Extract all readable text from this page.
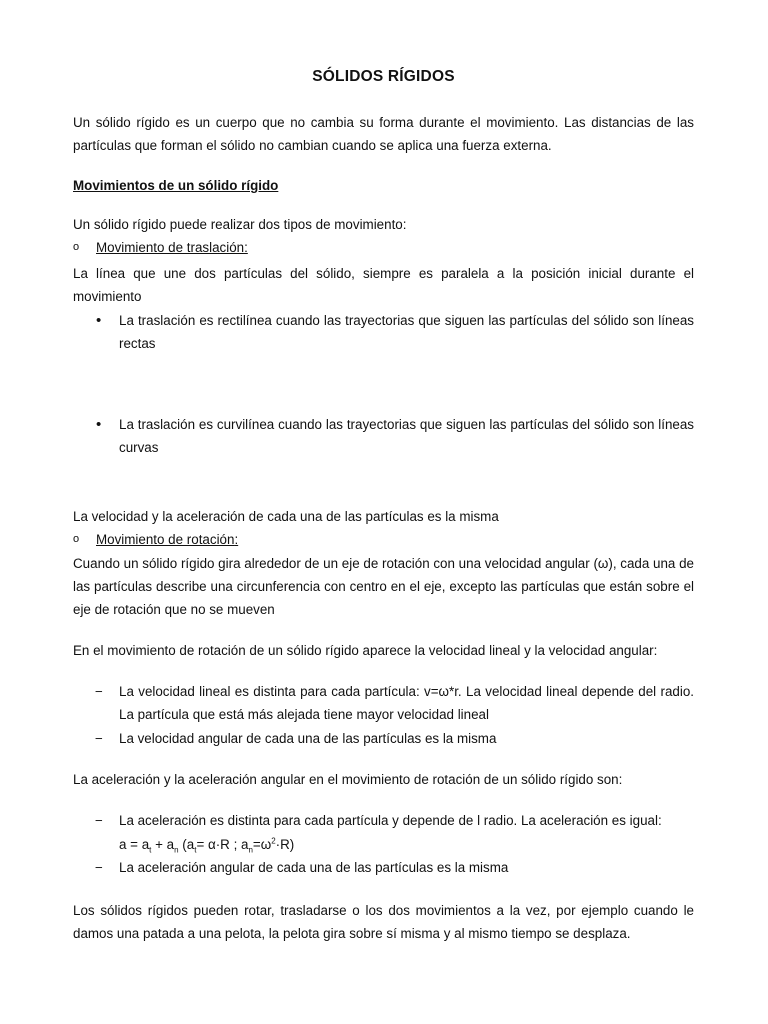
SÓLIDOS RÍGIDOS
Un sólido rígido es un cuerpo que no cambia su forma durante el movimiento. Las distancias de las partículas que forman el sólido no cambian cuando se aplica una fuerza externa.
Movimientos de un sólido rígido
Un sólido rígido puede realizar dos tipos de movimiento:
o Movimiento de traslación:
La línea que une dos partículas del sólido, siempre es paralela a la posición inicial durante el movimiento
• La traslación es rectilínea cuando las trayectorias que siguen las partículas del sólido son líneas rectas
• La traslación es curvilínea cuando las trayectorias que siguen las partículas del sólido son líneas curvas
La velocidad y la aceleración de cada una de las partículas es la misma
o Movimiento de rotación:
Cuando un sólido rígido gira alrededor de un eje de rotación con una velocidad angular (ω), cada una de las partículas describe una circunferencia con centro en el eje, excepto las partículas que están sobre el eje de rotación que no se mueven
En el movimiento de rotación de un sólido rígido aparece la velocidad lineal y la velocidad angular:
− La velocidad lineal es distinta para cada partícula: v=ω*r. La velocidad lineal depende del radio. La partícula que está más alejada tiene mayor velocidad lineal
− La velocidad angular de cada una de las partículas es la misma
La aceleración y la aceleración angular en el movimiento de rotación de un sólido rígido son:
− La aceleración es distinta para cada partícula y depende de l radio. La aceleración es igual:
$a = a_t + a_n$ ($a_t= \alpha\cdot R$ ; $a_n=\omega^2\cdot R$)
− La aceleración angular de cada una de las partículas es la misma
Los sólidos rígidos pueden rotar, trasladarse o los dos movimientos a la vez, por ejemplo cuando le damos una patada a una pelota, la pelota gira sobre sí misma y al mismo tiempo se desplaza.
